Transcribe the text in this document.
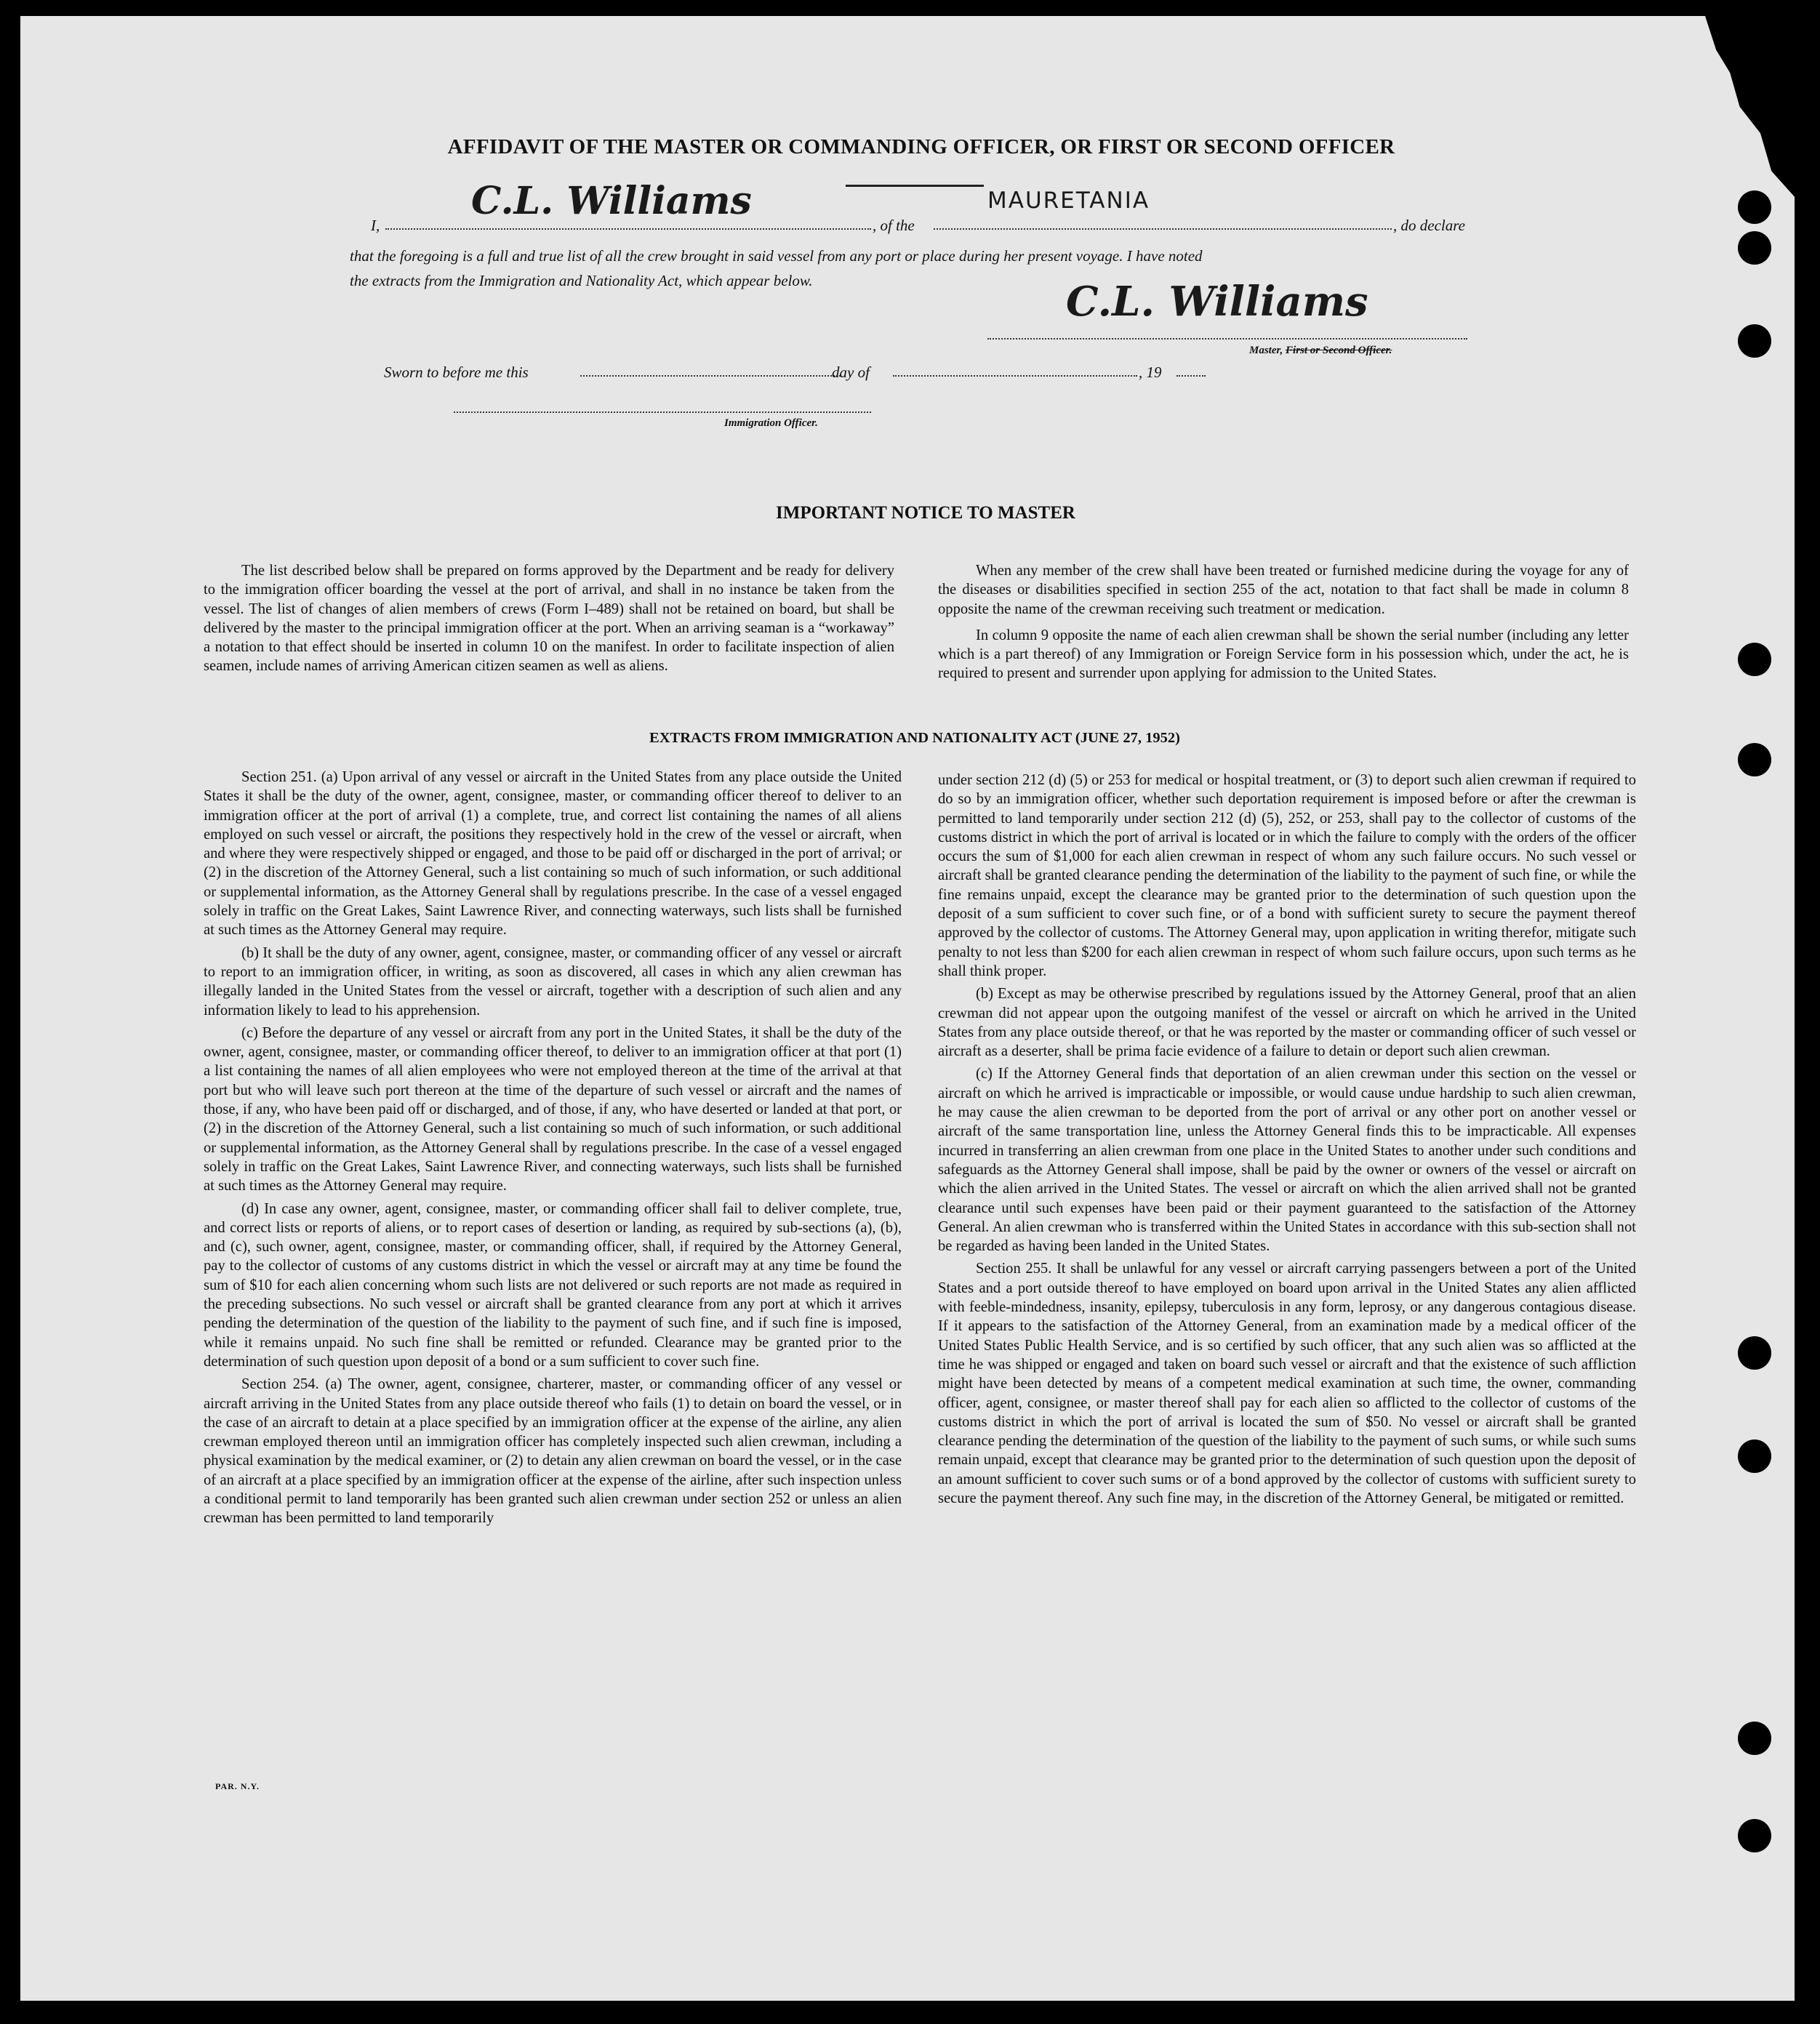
AFFIDAVIT OF THE MASTER OR COMMANDING OFFICER, OR FIRST OR SECOND OFFICER
I,
C.L. Williams
, of the
MAURETANIA
, do declare
that the foregoing is a full and true list of all the crew brought in said vessel from any port or place during her present voyage. I have noted
the extracts from the Immigration and Nationality Act, which appear below.	C.L. Williams
Master, First or Second Officer.
Sworn to before me this	day of	, 19
Immigration Officer.
IMPORTANT NOTICE TO MASTER

The list described below shall be prepared on forms approved by the Department and be ready for delivery to the immigration officer boarding the vessel at the port of arrival, and shall in no instance be taken from the vessel. The list of changes of alien members of crews (Form I–489) shall not be retained on board, but shall be delivered by the master to the principal immigration officer at the port. When an arriving seaman is a “workaway” a notation to that effect should be inserted in column 10 on the manifest. In order to facilitate inspection of alien seamen, include names of arriving American citizen seamen as well as aliens.

When any member of the crew shall have been treated or furnished medicine during the voyage for any of the diseases or disabilities specified in section 255 of the act, notation to that fact shall be made in column 8 opposite the name of the crewman receiving such treatment or medication.

In column 9 opposite the name of each alien crewman shall be shown the serial number (including any letter which is a part thereof) of any Immigration or Foreign Service form in his possession which, under the act, he is required to present and surrender upon applying for admission to the United States.

EXTRACTS FROM IMMIGRATION AND NATIONALITY ACT (JUNE 27, 1952)

Section 251. (a) Upon arrival of any vessel or aircraft in the United States from any place outside the United States it shall be the duty of the owner, agent, consignee, master, or commanding officer thereof to deliver to an immigration officer at the port of arrival (1) a complete, true, and correct list containing the names of all aliens employed on such vessel or aircraft, the positions they respectively hold in the crew of the vessel or aircraft, when and where they were respectively shipped or engaged, and those to be paid off or discharged in the port of arrival; or (2) in the discretion of the Attorney General, such a list containing so much of such information, or such additional or supplemental information, as the Attorney General shall by regulations prescribe. In the case of a vessel engaged solely in traffic on the Great Lakes, Saint Lawrence River, and connecting waterways, such lists shall be furnished at such times as the Attorney General may require.

(b) It shall be the duty of any owner, agent, consignee, master, or commanding officer of any vessel or aircraft to report to an immigration officer, in writing, as soon as discovered, all cases in which any alien crewman has illegally landed in the United States from the vessel or aircraft, together with a description of such alien and any information likely to lead to his apprehension.

(c) Before the departure of any vessel or aircraft from any port in the United States, it shall be the duty of the owner, agent, consignee, master, or commanding officer thereof, to deliver to an immigration officer at that port (1) a list containing the names of all alien employees who were not employed thereon at the time of the arrival at that port but who will leave such port thereon at the time of the departure of such vessel or aircraft and the names of those, if any, who have been paid off or discharged, and of those, if any, who have deserted or landed at that port, or (2) in the discretion of the Attorney General, such a list containing so much of such information, or such additional or supplemental information, as the Attorney General shall by regulations prescribe. In the case of a vessel engaged solely in traffic on the Great Lakes, Saint Lawrence River, and connecting waterways, such lists shall be furnished at such times as the Attorney General may require.

(d) In case any owner, agent, consignee, master, or commanding officer shall fail to deliver complete, true, and correct lists or reports of aliens, or to report cases of desertion or landing, as required by sub-sections (a), (b), and (c), such owner, agent, consignee, master, or commanding officer, shall, if required by the Attorney General, pay to the collector of customs of any customs district in which the vessel or aircraft may at any time be found the sum of $10 for each alien concerning whom such lists are not delivered or such reports are not made as required in the preceding subsections. No such vessel or aircraft shall be granted clearance from any port at which it arrives pending the determination of the question of the liability to the payment of such fine, and if such fine is imposed, while it remains unpaid. No such fine shall be remitted or refunded. Clearance may be granted prior to the determination of such question upon deposit of a bond or a sum sufficient to cover such fine.

Section 254. (a) The owner, agent, consignee, charterer, master, or commanding officer of any vessel or aircraft arriving in the United States from any place outside thereof who fails (1) to detain on board the vessel, or in the case of an aircraft to detain at a place specified by an immigration officer at the expense of the airline, any alien crewman employed thereon until an immigration officer has completely inspected such alien crewman, including a physical examination by the medical examiner, or (2) to detain any alien crewman on board the vessel, or in the case of an aircraft at a place specified by an immigration officer at the expense of the airline, after such inspection unless a conditional permit to land temporarily has been granted such alien crewman under section 252 or unless an alien crewman has been permitted to land temporarily

under section 212 (d) (5) or 253 for medical or hospital treatment, or (3) to deport such alien crewman if required to do so by an immigration officer, whether such deportation requirement is imposed before or after the crewman is permitted to land temporarily under section 212 (d) (5), 252, or 253, shall pay to the collector of customs of the customs district in which the port of arrival is located or in which the failure to comply with the orders of the officer occurs the sum of $1,000 for each alien crewman in respect of whom any such failure occurs. No such vessel or aircraft shall be granted clearance pending the determination of the liability to the payment of such fine, or while the fine remains unpaid, except the clearance may be granted prior to the determination of such question upon the deposit of a sum sufficient to cover such fine, or of a bond with sufficient surety to secure the payment thereof approved by the collector of customs. The Attorney General may, upon application in writing therefor, mitigate such penalty to not less than $200 for each alien crewman in respect of whom such failure occurs, upon such terms as he shall think proper.

(b) Except as may be otherwise prescribed by regulations issued by the Attorney General, proof that an alien crewman did not appear upon the outgoing manifest of the vessel or aircraft on which he arrived in the United States from any place outside thereof, or that he was reported by the master or commanding officer of such vessel or aircraft as a deserter, shall be prima facie evidence of a failure to detain or deport such alien crewman.

(c) If the Attorney General finds that deportation of an alien crewman under this section on the vessel or aircraft on which he arrived is impracticable or impossible, or would cause undue hardship to such alien crewman, he may cause the alien crewman to be deported from the port of arrival or any other port on another vessel or aircraft of the same transportation line, unless the Attorney General finds this to be impracticable. All expenses incurred in transferring an alien crewman from one place in the United States to another under such conditions and safeguards as the Attorney General shall impose, shall be paid by the owner or owners of the vessel or aircraft on which the alien arrived in the United States. The vessel or aircraft on which the alien arrived shall not be granted clearance until such expenses have been paid or their payment guaranteed to the satisfaction of the Attorney General. An alien crewman who is transferred within the United States in accordance with this sub-section shall not be regarded as having been landed in the United States.

Section 255. It shall be unlawful for any vessel or aircraft carrying passengers between a port of the United States and a port outside thereof to have employed on board upon arrival in the United States any alien afflicted with feeble-mindedness, insanity, epilepsy, tuberculosis in any form, leprosy, or any dangerous contagious disease. If it appears to the satisfaction of the Attorney General, from an examination made by a medical officer of the United States Public Health Service, and is so certified by such officer, that any such alien was so afflicted at the time he was shipped or engaged and taken on board such vessel or aircraft and that the existence of such affliction might have been detected by means of a competent medical examination at such time, the owner, commanding officer, agent, consignee, or master thereof shall pay for each alien so afflicted to the collector of customs of the customs district in which the port of arrival is located the sum of $50. No vessel or aircraft shall be granted clearance pending the determination of the question of the liability to the payment of such sums, or while such sums remain unpaid, except that clearance may be granted prior to the determination of such question upon the deposit of an amount sufficient to cover such sums or of a bond approved by the collector of customs with sufficient surety to secure the payment thereof. Any such fine may, in the discretion of the Attorney General, be mitigated or remitted.

PAR. N.Y.
